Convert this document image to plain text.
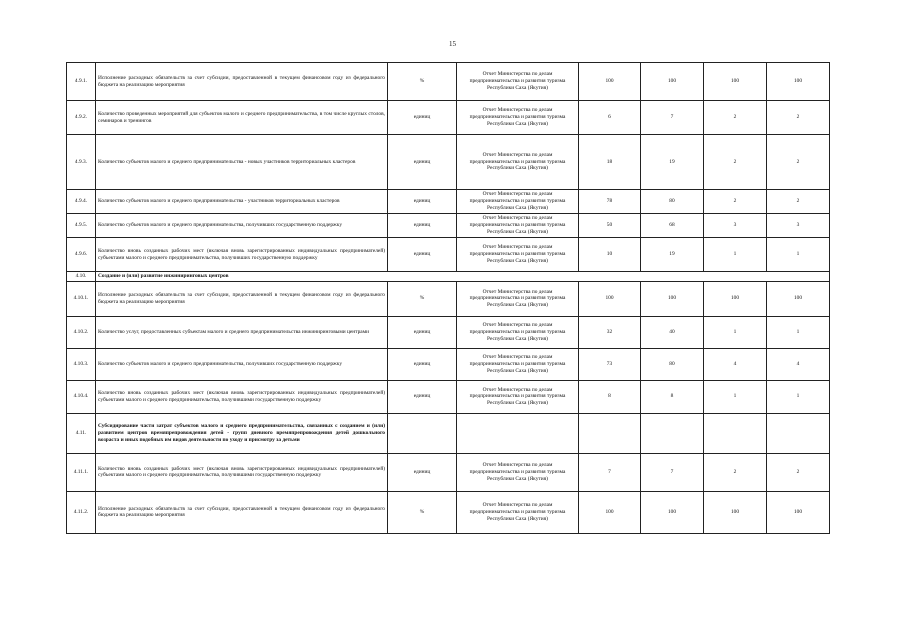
15
4.9.1.	Исполнение расходных обязательств за счет субсидии, предоставленной в текущем финансовом году из федерального бюджета на реализацию мероприятия	%	Отчет Министерства по делам предпринимательства и развития туризма Республики Саха (Якутия)	100	100	100	100
4.9.2.	Количество проведенных мероприятий для субъектов малого и среднего предпринимательства, в том числе круглых столов, семинаров и тренингов	единиц	Отчет Министерства по делам предпринимательства и развития туризма Республики Саха (Якутия)	6	7	2	2
4.9.3.	Количество субъектов малого и среднего предпринимательства - новых участников территориальных кластеров	единиц	Отчет Министерства по делам предпринимательства и развития туризма Республики Саха (Якутия)	18	19	2	2
4.9.4.	Количество субъектов малого и среднего предпринимательства - участников территориальных кластеров	единиц	Отчет Министерства по делам предпринимательства и развития туризма Республики Саха (Якутия)	78	80	2	2
4.9.5.	Количество субъектов малого и среднего предпринимательства, получивших государственную поддержку	единиц	Отчет Министерства по делам предпринимательства и развития туризма Республики Саха (Якутия)	50	68	3	3
4.9.6.	Количество вновь созданных рабочих мест (включая вновь зарегистрированных индивидуальных предпринимателей) субъектами малого и среднего предпринимательства, получивших государственную поддержку	единиц	Отчет Министерства по делам предпринимательства и развития туризма Республики Саха (Якутия)	10	19	1	1
4.10.	Создание и (или) развитие инжиниринговых центров						
4.10.1.	Исполнение расходных обязательств за счет субсидии, предоставленной в текущем финансовом году из федерального бюджета на реализацию мероприятия	%	Отчет Министерства по делам предпринимательства и развития туризма Республики Саха (Якутия)	100	100	100	100
4.10.2.	Количество услуг, предоставленных субъектам малого и среднего предпринимательства инжиниринговыми центрами	единиц	Отчет Министерства по делам предпринимательства и развития туризма Республики Саха (Якутия)	32	40	1	1
4.10.3.	Количество субъектов малого и среднего предпринимательства, получивших государственную поддержку	единиц	Отчет Министерства по делам предпринимательства и развития туризма Республики Саха (Якутия)	73	80	4	4
4.10.4.	Количество вновь созданных рабочих мест (включая вновь зарегистрированных индивидуальных предпринимателей) субъектами малого и среднего предпринимательства, получившими государственную поддержку	единиц	Отчет Министерства по делам предпринимательства и развития туризма Республики Саха (Якутия)	8	8	1	1
4.11.	Субсидирование части затрат субъектов малого и среднего предпринимательства, связанных с созданием и (или) развитием центров времяпрепровождения детей - групп дневного времяпрепровождения детей дошкольного возраста и иных подобных им видов деятельности по уходу и присмотру за детьми						
4.11.1.	Количество вновь созданных рабочих мест (включая вновь зарегистрированных индивидуальных предпринимателей) субъектами малого и среднего предпринимательства, получившими государственную поддержку	единиц	Отчет Министерства по делам предпринимательства и развития туризма Республики Саха (Якутия)	7	7	2	2
4.11.2.	Исполнение расходных обязательств за счет субсидии, предоставленной в текущем финансовом году из федерального бюджета на реализацию мероприятия	%	Отчет Министерства по делам предпринимательства и развития туризма Республики Саха (Якутия)	100	100	100	100
